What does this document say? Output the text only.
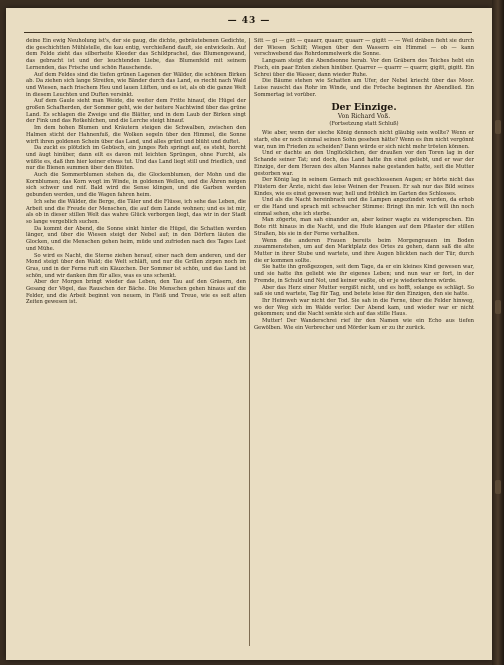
— 43 —

deine Ein ewig Neuholung ist's, der sie gaug, die dichte, gebräutebenen Gedichte, die geschichtten Mühlstelle, die kau entig, verchießend dauft, sie entwickeln. Auf dem Felde zieht das silberheite Kleeder das Schildprachel, das Blumengewand, das gebracht ist und der leuchtenden Liebe, das Blumenfeld mit seinem Lernenden, das Frische und schön Rauschende.

Auf dem Feldes sind die tiefen grünen Lagenen der Wälder, die schönen Birken ab. Da ziehen sich lange Streifen, wie Bänder durch das Land, es riecht nach Wald und Wiesen, nach frischem Heu und lauen Lüften, und es ist, als ob die ganze Welt in diesem Leuchten und Duften versinkt.

Auf dem Gaule sieht man Weide, die weiter dem Fritte hinauf, die Hügel der großen Schafherden, der Sommer geht, wie der heitere Nachtwind über das grüne Land. Es schlagen die Zweige und die Blätter, und in dem Laub der Birken singt der Fink und das Rotkehlchen, und die Lerche steigt hinauf.

Im dem hohen Blumen und Kräutern steigen die Schwalben, zwischen den Halmen sticht der Hahnenfuß, die Wolken segeln über den Himmel, die Sonne wirft ihren goldenen Schein über das Land, und alles grünt und blüht und duftet.

Da zuckt es plötzlich im Gebüsch, ein junges Reh springt auf, es steht, horcht und äugt hinüber, dann eilt es davon mit leichten Sprüngen, ohne Furcht, als wüßte es, daß ihm hier keiner etwas tut. Und das Land liegt still und friedlich, und nur die Bienen summen über den Blüten.

Auch die Sommerblumen stehen da, die Glockenblumen, der Mohn und die Kornblumen; das Korn wogt im Winde, in goldenen Wellen, und die Ähren neigen sich schwer und reif. Bald wird die Sense klingen, und die Garben werden gebunden werden, und die Wagen fahren heim.

Ich sehe die Wälder, die Berge, die Täler und die Flüsse, ich sehe das Leben, die Arbeit und die Freude der Menschen, die auf dem Lande wohnen; und es ist mir, als ob in dieser stillen Welt das wahre Glück verborgen liegt, das wir in der Stadt so lange vergeblich suchen.

Da kommt der Abend, die Sonne sinkt hinter die Hügel, die Schatten werden länger, und über die Wiesen steigt der Nebel auf; in den Dörfern läuten die Glocken, und die Menschen gehen heim, müde und zufrieden nach des Tages Last und Mühe.

So wird es Nacht, die Sterne ziehen herauf, einer nach dem anderen, und der Mond steigt über den Wald; die Welt schläft, und nur die Grillen zirpen noch im Gras, und in der Ferne ruft ein Käuzchen. Der Sommer ist schön, und das Land ist schön, und wir danken ihm für alles, was es uns schenkt.

Aber der Morgen bringt wieder das Leben, den Tau auf den Gräsern, den Gesang der Vögel, das Rauschen der Bäche. Die Menschen gehen hinaus auf die Felder, und die Arbeit beginnt von neuem, in Fleiß und Treue, wie es seit alten Zeiten gewesen ist.

Sitt — gi — gitt — quaarr, quaarr, quaarr — gigitt — — Weil dräben fieht sie durch der Wiesen Schilf; Wiegen über den Wassern ein Himmel — ob — kann verschwebend das Rohrdommelwerk die Sonne.

Langsam steigt die Abendsonne herab. Vor den Gräbern des Teiches hebt ein Fisch, ein paar Enten ziehen hinüber. Quarrer — quarrr — quarrr, gigitt, gigitt. Ein Schrei über die Wasser, dann wieder Ruhe.

Die Bäume stehen wie Schatten am Ufer, der Nebel kriecht über das Moor. Leise rauscht das Rohr im Winde, und die Frösche beginnen ihr Abendlied. Ein Sommertag ist vorüber.

Der Einzige.
Von Richard Voß.
(Fortsetzung statt Schluß)

Wie aber, wenn der sieche König dennoch nicht gläubig sein wollte? Wenn er starb, ehe er noch einmal seinen Sohn gesehen hätte? Wenn es ihm nicht vergönnt war, nun im Frieden zu scheiden? Dann würde er sich nicht mehr trösten können.

Und er dachte an den Unglücklichen, der draußen vor den Toren lag in der Schande seiner Tat; und doch, das Land hatte ihn einst geliebt, und er war der Einzige, der dem Herzen des alten Mannes nahe gestanden hatte, seit die Mutter gestorben war.

Der König lag in seinem Gemach mit geschlossenen Augen; er hörte nicht das Flüstern der Ärzte, nicht das leise Weinen der Frauen. Er sah nur das Bild seines Kindes, wie es einst gewesen war, hell und fröhlich im Garten des Schlosses.

Und als die Nacht hereinbrach und die Lampen angezündet wurden, da erhob er die Hand und sprach mit schwacher Stimme: Bringt ihn mir. Ich will ihn noch einmal sehen, ehe ich sterbe.

Man zögerte, man sah einander an, aber keiner wagte zu widersprechen. Ein Bote ritt hinaus in die Nacht, und die Hufe klangen auf dem Pflaster der stillen Straßen, bis sie in der Ferne verhallten.

Wenn die anderen Frauen bereits beim Morgengrauen im Boden zusammenstehen, um auf den Marktplatz des Ortes zu gehen, dann saß die alte Mutter in ihrer Stube und wartete, und ihre Augen blickten nach der Tür, durch die er kommen sollte.

Sie hatte ihn großgezogen, seit dem Tage, da er ein kleines Kind gewesen war, und sie hatte ihn geliebt wie ihr eigenes Leben; und nun war er fort, in der Fremde, in Schuld und Not, und keiner wußte, ob er je wiederkehren würde.

Aber das Herz einer Mutter vergißt nicht, und es hofft, solange es schlägt. So saß sie und wartete, Tag für Tag, und betete leise für den Einzigen, den sie hatte.

Ihr Heimweh war nicht der Tod. Sie sah in die Ferne, über die Felder hinweg, wo der Weg sich im Walde verlor. Der Abend kam, und wieder war er nicht gekommen; und die Nacht senkte sich auf das stille Haus.

Mutter! Der Wanderschrei rief ihr den Namen wie ein Echo aus tiefen Gewölben. Wie ein Verbrecher und Mörder kam er zu ihr zurück.
